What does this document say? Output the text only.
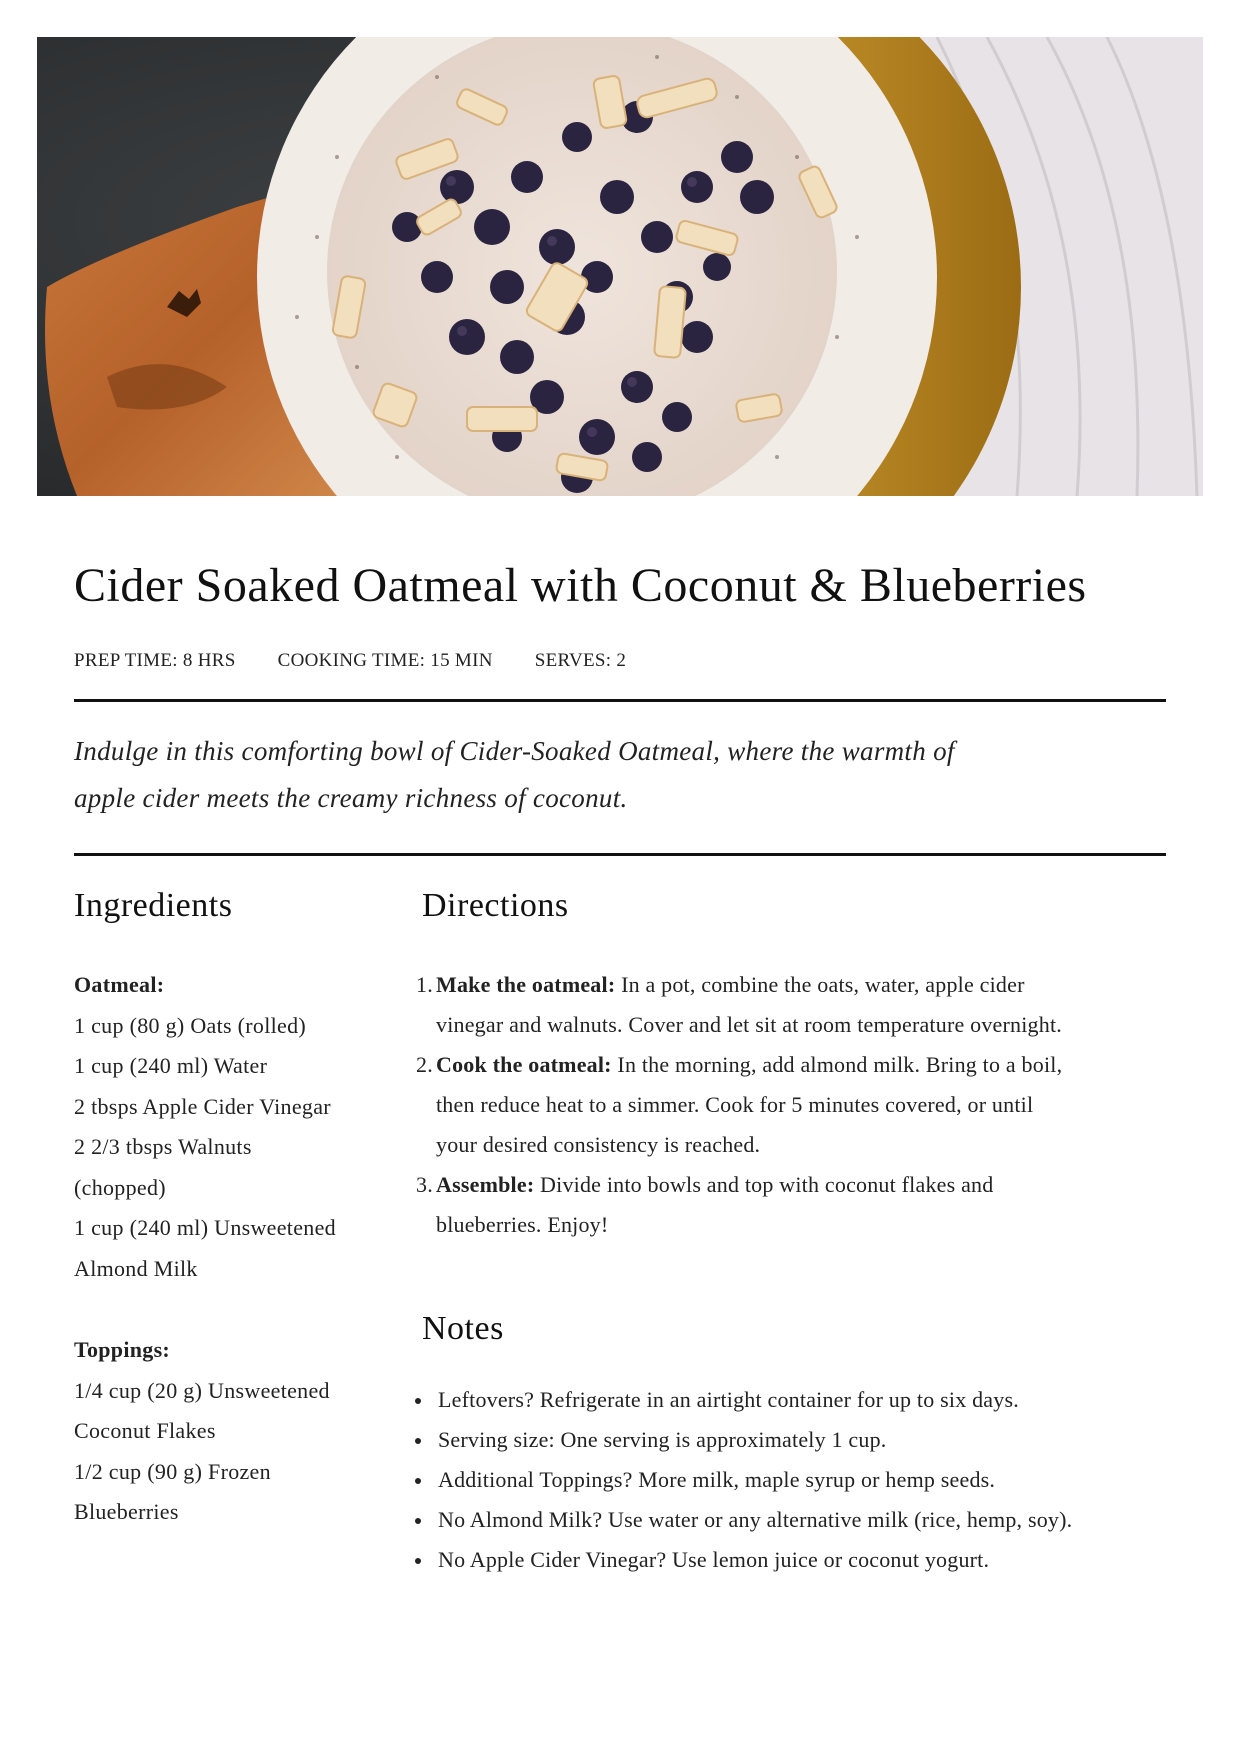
Cider Soaked Oatmeal with Coconut & Blueberries
PREP TIME: 8 HRS COOKING TIME: 15 MIN SERVES: 2

Indulge in this comforting bowl of Cider-Soaked Oatmeal, where the warmth of
apple cider meets the creamy richness of coconut.

Ingredients	Directions
Oatmeal:
1 cup (80 g) Oats (rolled)
1 cup (240 ml) Water
2 tbsps Apple Cider Vinegar
2 2/3 tbsps Walnuts
(chopped)
1 cup (240 ml) Unsweetened
Almond Milk
Toppings:
1/4 cup (20 g) Unsweetened
Coconut Flakes
1/2 cup (90 g) Frozen
Blueberries
1. Make the oatmeal: In a pot, combine the oats, water, apple cider
vinegar and walnuts. Cover and let sit at room temperature overnight.
2. Cook the oatmeal: In the morning, add almond milk. Bring to a boil,
then reduce heat to a simmer. Cook for 5 minutes covered, or until
your desired consistency is reached.
3. Assemble: Divide into bowls and top with coconut flakes and
blueberries. Enjoy!
Notes
Leftovers? Refrigerate in an airtight container for up to six days.
Serving size: One serving is approximately 1 cup.
Additional Toppings? More milk, maple syrup or hemp seeds.
No Almond Milk? Use water or any alternative milk (rice, hemp, soy).
No Apple Cider Vinegar? Use lemon juice or coconut yogurt.
